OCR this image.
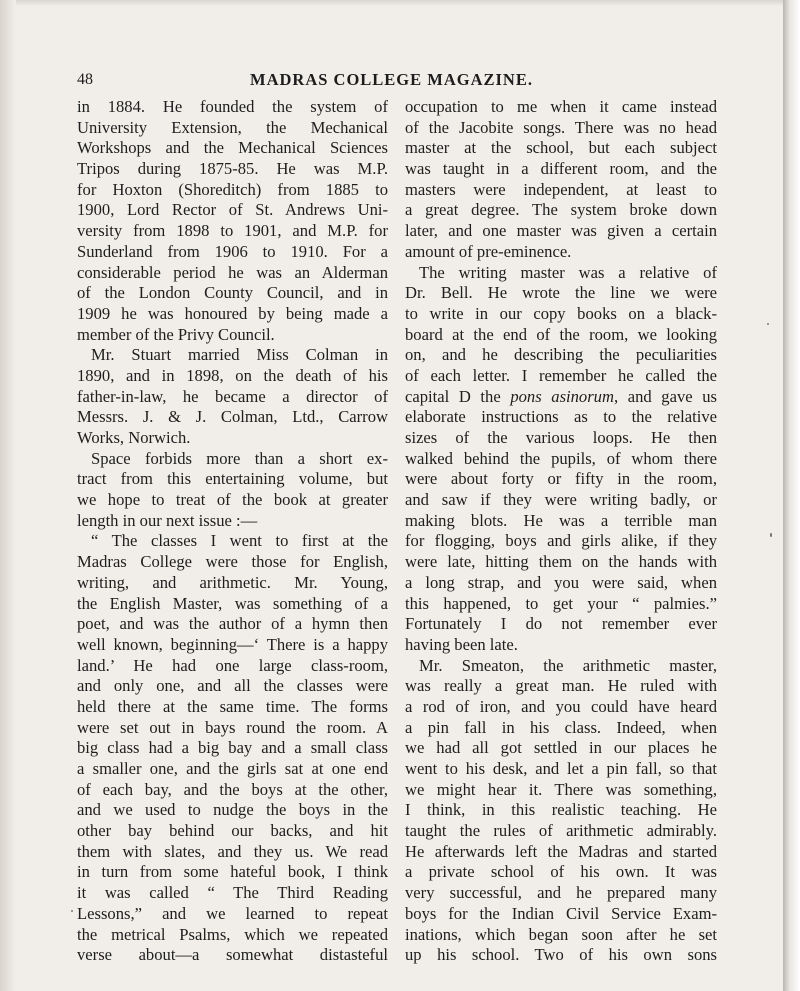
48	MADRAS COLLEGE MAGAZINE.
in 1884. He founded the system of
University Extension, the Mechanical
Workshops and the Mechanical Sciences
Tripos during 1875-85. He was M.P.
for Hoxton (Shoreditch) from 1885 to
1900, Lord Rector of St. Andrews Uni-
versity from 1898 to 1901, and M.P. for
Sunderland from 1906 to 1910. For a
considerable period he was an Alderman
of the London County Council, and in
1909 he was honoured by being made a
member of the Privy Council.
Mr. Stuart married Miss Colman in
1890, and in 1898, on the death of his
father-in-law, he became a director of
Messrs. J. & J. Colman, Ltd., Carrow
Works, Norwich.
Space forbids more than a short ex-
tract from this entertaining volume, but
we hope to treat of the book at greater
length in our next issue :—
“ The classes I went to first at the
Madras College were those for English,
writing, and arithmetic. Mr. Young,
the English Master, was something of a
poet, and was the author of a hymn then
well known, beginning—‘ There is a happy
land.’ He had one large class-room,
and only one, and all the classes were
held there at the same time. The forms
were set out in bays round the room. A
big class had a big bay and a small class
a smaller one, and the girls sat at one end
of each bay, and the boys at the other,
and we used to nudge the boys in the
other bay behind our backs, and hit
them with slates, and they us. We read
in turn from some hateful book, I think
it was called “ The Third Reading
Lessons,” and we learned to repeat
the metrical Psalms, which we repeated
verse about—a somewhat distasteful
occupation to me when it came instead
of the Jacobite songs. There was no head
master at the school, but each subject
was taught in a different room, and the
masters were independent, at least to
a great degree. The system broke down
later, and one master was given a certain
amount of pre-eminence.
The writing master was a relative of
Dr. Bell. He wrote the line we were
to write in our copy books on a black-
board at the end of the room, we looking
on, and he describing the peculiarities
of each letter. I remember he called the
capital D the pons asinorum, and gave us
elaborate instructions as to the relative
sizes of the various loops. He then
walked behind the pupils, of whom there
were about forty or fifty in the room,
and saw if they were writing badly, or
making blots. He was a terrible man
for flogging, boys and girls alike, if they
were late, hitting them on the hands with
a long strap, and you were said, when
this happened, to get your “ palmies.”
Fortunately I do not remember ever
having been late.
Mr. Smeaton, the arithmetic master,
was really a great man. He ruled with
a rod of iron, and you could have heard
a pin fall in his class. Indeed, when
we had all got settled in our places he
went to his desk, and let a pin fall, so that
we might hear it. There was something,
I think, in this realistic teaching. He
taught the rules of arithmetic admirably.
He afterwards left the Madras and started
a private school of his own. It was
very successful, and he prepared many
boys for the Indian Civil Service Exam-
inations, which began soon after he set
up his school. Two of his own sons
